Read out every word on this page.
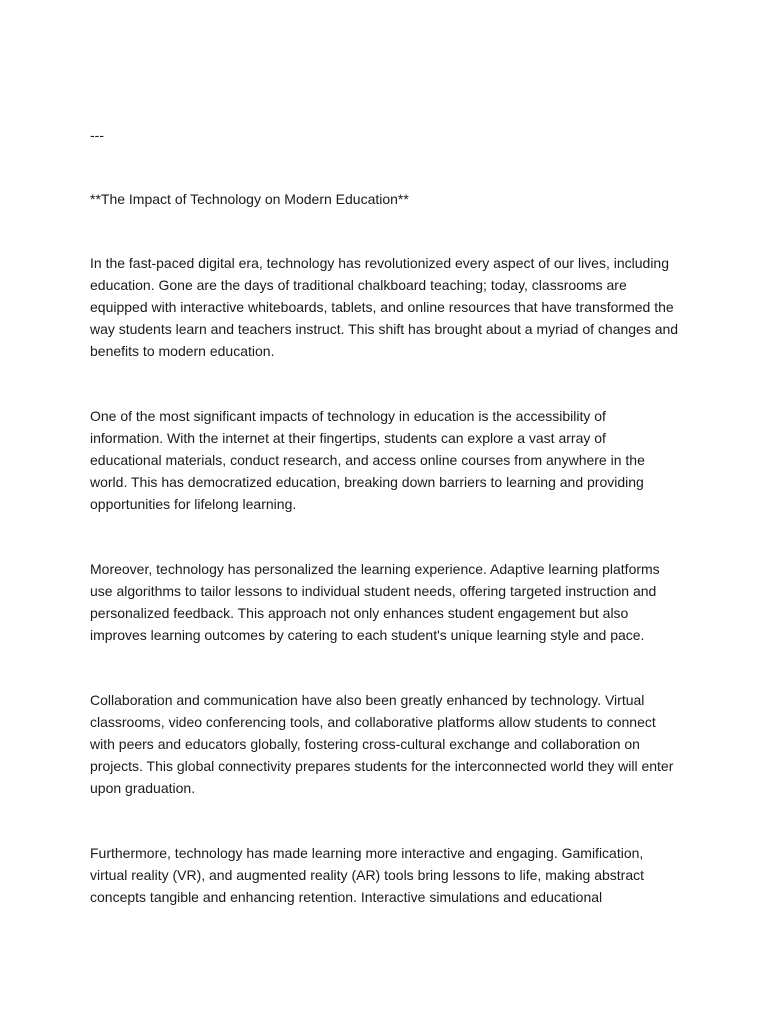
---

**The Impact of Technology on Modern Education**

In the fast-paced digital era, technology has revolutionized every aspect of our lives, including education. Gone are the days of traditional chalkboard teaching; today, classrooms are equipped with interactive whiteboards, tablets, and online resources that have transformed the way students learn and teachers instruct. This shift has brought about a myriad of changes and benefits to modern education.

One of the most significant impacts of technology in education is the accessibility of information. With the internet at their fingertips, students can explore a vast array of educational materials, conduct research, and access online courses from anywhere in the world. This has democratized education, breaking down barriers to learning and providing opportunities for lifelong learning.

Moreover, technology has personalized the learning experience. Adaptive learning platforms use algorithms to tailor lessons to individual student needs, offering targeted instruction and personalized feedback. This approach not only enhances student engagement but also improves learning outcomes by catering to each student's unique learning style and pace.

Collaboration and communication have also been greatly enhanced by technology. Virtual classrooms, video conferencing tools, and collaborative platforms allow students to connect with peers and educators globally, fostering cross-cultural exchange and collaboration on projects. This global connectivity prepares students for the interconnected world they will enter upon graduation.

Furthermore, technology has made learning more interactive and engaging. Gamification, virtual reality (VR), and augmented reality (AR) tools bring lessons to life, making abstract concepts tangible and enhancing retention. Interactive simulations and educational
